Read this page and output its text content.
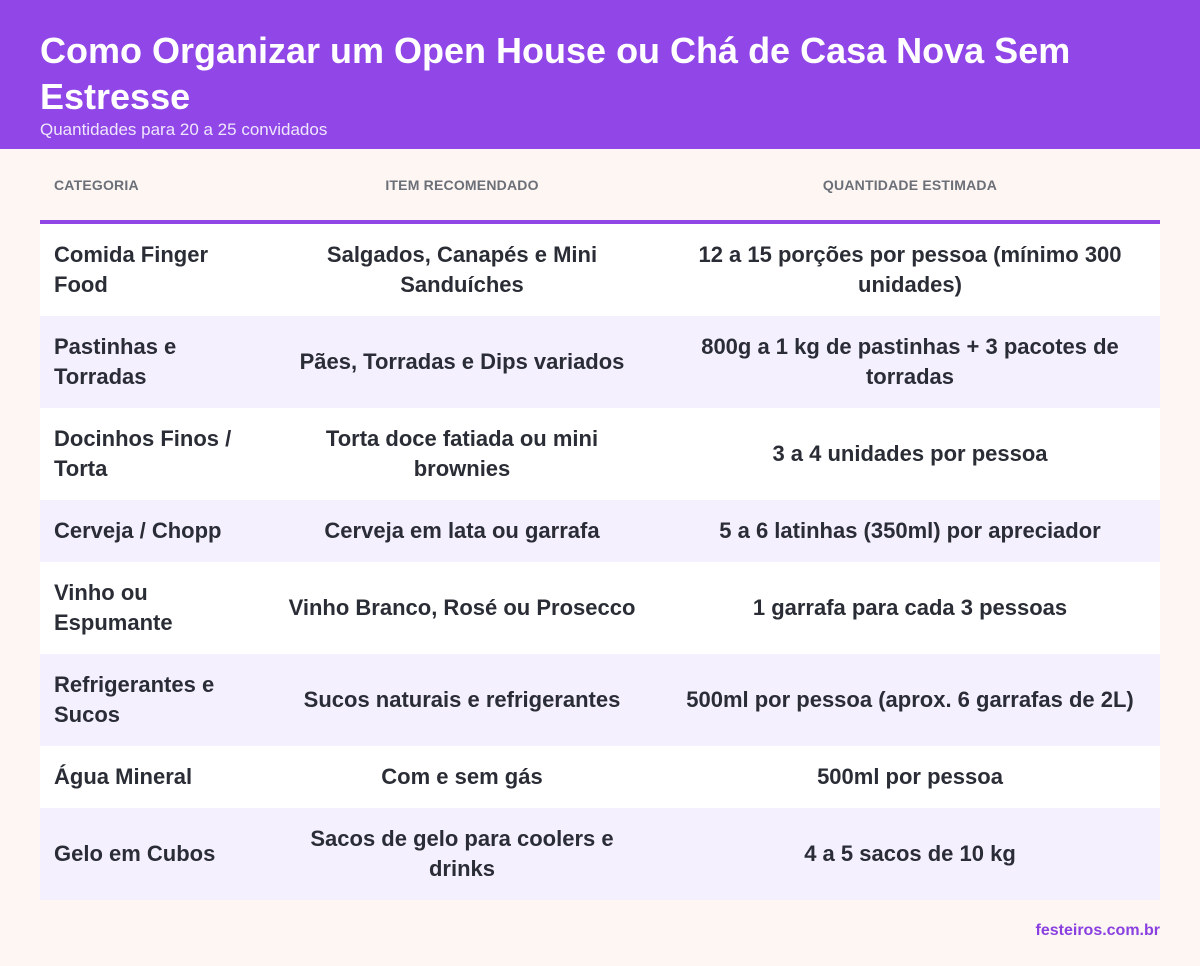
Como Organizar um Open House ou Chá de Casa Nova Sem Estresse
Quantidades para 20 a 25 convidados
CATEGORIA	ITEM RECOMENDADO	QUANTIDADE ESTIMADA
Comida Finger Food	Salgados, Canapés e Mini Sanduíches	12 a 15 porções por pessoa (mínimo 300 unidades)
Pastinhas e Torradas	Pães, Torradas e Dips variados	800g a 1 kg de pastinhas + 3 pacotes de torradas
Docinhos Finos / Torta	Torta doce fatiada ou mini brownies	3 a 4 unidades por pessoa
Cerveja / Chopp	Cerveja em lata ou garrafa	5 a 6 latinhas (350ml) por apreciador
Vinho ou Espumante	Vinho Branco, Rosé ou Prosecco	1 garrafa para cada 3 pessoas
Refrigerantes e Sucos	Sucos naturais e refrigerantes	500ml por pessoa (aprox. 6 garrafas de 2L)
Água Mineral	Com e sem gás	500ml por pessoa
Gelo em Cubos	Sacos de gelo para coolers e drinks	4 a 5 sacos de 10 kg
festeiros.com.br
